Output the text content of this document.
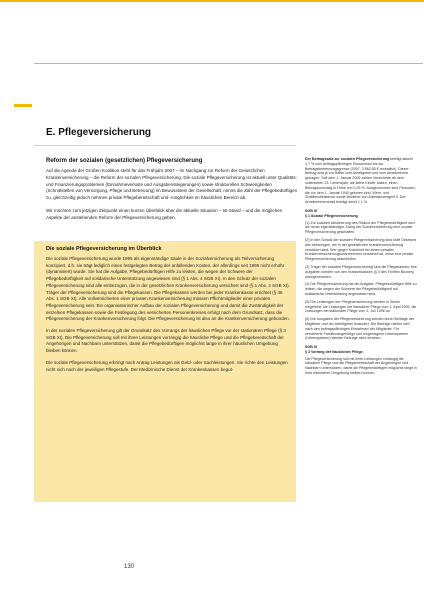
E. Pflegeversicherung
Reform der sozialen (gesetzlichen) Pflegeversicherung

Auf die Agenda der Großen Koalition steht für das Frühjahr 2007 – im Nachgang zur Reform der Gesetzlichen Krankenversicherung – die Reform der sozialen Pflegeversicherung. Die soziale Pflegeversicherung ist aktuell unter Qualitäts- und Finanzierungsproblemen (Einnahmeverluste und Ausgabensteigerungen) sowie strukturellen Schwierigkeiten (Schnittstellen von Versorgung, Pflege und Betreuung) im Bewusstsein der Gesellschaft, nimmt die Zahl der Pflegebedürftigen zu, gleichzeitig jedoch nehmen private Pflegebereitschaft und -möglichkeit im häuslichen Bereich ab.

Wir möchten zum jetzigen Zeitpunkt einen kurzen Überblick über die aktuelle Situation – Ist-Stand – und die möglichen Aspekte der anstehenden Reform der Pflegeversicherung geben.

Die soziale Pflegeversicherung im Überblick

Die soziale Pflegeversicherung wurde 1995 als eigenständige Säule in der Sozialversicherung als Teilversicherung konzipiert, d.h. sie trägt lediglich einen festgelegten Betrag der anfallenden Kosten, der allerdings seit 1995 nicht erhöht (dynamisiert) wurde. Sie hat die Aufgabe, Pflegebedürftigen Hilfe zu leisten, die wegen der Schwere der Pflegebedürftigkeit auf solidarische Unterstützung angewiesen sind (§ 1 Abs. 4 SGB XI). In den Schutz der sozialen Pflegeversicherung sind alle einbezogen, die in der gesetzlichen Krankenversicherung versichert sind (§ 1 Abs. 2 SGB XI). Träger der Pflegeversicherung sind die Pflegekassen. Die Pflegekassen werden bei jeder Krankenkasse errichtet (§ 46 Abs. 1 SGB XI). Alle Vollversicherten einer privaten Krankenversicherung müssen Pflichtmitglieder einer privaten Pflegeversicherung sein. Ein organisatorischer Aufbau der sozialen Pflegeversicherung und damit die Zuständigkeit der einzelnen Pflegekassen sowie die Festlegung des versicherten Personenkreises erfolgt nach dem Grundsatz, dass die Pflegeversicherung der Krankenversicherung folgt. Die Pflegeversicherung ist also an die Krankenversicherung gebunden.

In der sozialen Pflegeversicherung gilt der Grundsatz des Vorrangs der häuslichen Pflege vor der stationären Pflege (§ 3 SGB XI). Die Pflegeversicherung soll mit ihren Leistungen vorrangig die häusliche Pflege und die Pflegebereitschaft der Angehörigen und Nachbarn unterstützen, damit die Pflegebedürftigen möglichst lange in ihrer häuslichen Umgebung bleiben können.

Die soziale Pflegeversicherung erbringt nach Antrag Leistungen als Geld- oder Sachleistungen. Sie richte den Leistungen nicht sich nach der jeweiligen Pflegestufe. Der Medizinische Dienst der Krankenkassen begut-

Der Beitragssatz zur sozialen Pflegeversicherung beträgt aktuell 1,7 % vom beitragspflichtigen Einkommen bis zur Beitragsbemessungsgrenze (2007: 3.562,50 € monatlich). Dieser Beitrag wird je zur Hälfte vom Arbeitgeber und vom Arbeitnehmer getragen. Seit dem 1. Januar 2005 zahlen Versicherte ab dem vollendeten 23. Lebensjahr, die keine Kinder haben, einen Beitragszuschlag in Höhe von 0,25 %. Ausgenommen sind Personen, die vor dem 1. Januar 1940 geboren sind, Wehr- und Zivildienstleistende sowie Bezieher von Arbeitslosengeld II. Der Arbeitnehmeranteil beträgt somit 1,1 %.

SGB XI
§ 1 Soziale Pflegeversicherung

(1) Zur sozialen Absicherung des Risikos der Pflegebedürftigkeit wird als neuer eigenständiger Zweig der Sozialversicherung eine soziale Pflegeversicherung geschaffen.

(2) In den Schutz der sozialen Pflegeversicherung sind kraft Gesetzes alle einbezogen, die in der gesetzlichen Krankenversicherung versichert sind. Wer gegen Krankheit bei einem privaten Krankenversicherungsunternehmen versichert ist, muss eine private Pflegeversicherung abschließen.

(3) Träger der sozialen Pflegeversicherung sind die Pflegekassen; ihre Aufgaben werden von den Krankenkassen (§ 4 des Fünften Buches) wahrgenommen.

(4) Die Pflegeversicherung hat die Aufgabe, Pflegebedürftigen Hilfe zu leisten, die wegen der Schwere der Pflegebedürftigkeit auf solidarische Unterstützung angewiesen sind.

(5) Die Leistungen der Pflegeversicherung werden in Stufen eingeführt: die Leistungen bei häuslicher Pflege vom 1. April 1995, die Leistungen bei stationärer Pflege vom 1. Juli 1996 an.

(6) Die Ausgaben der Pflegeversicherung werden durch Beiträge der Mitglieder und der Arbeitgeber finanziert. Die Beiträge richten sich nach den beitragspflichtigen Einnahmen der Mitglieder. Für versicherte Familienangehörige und eingetragene Lebenspartner (Lebenspartner) werden Beiträge nicht erhoben.

SGB XI
§ 3 Vorrang der häuslichen Pflege

Die Pflegeversicherung soll mit ihren Leistungen vorrangig die häusliche Pflege und die Pflegebereitschaft der Angehörigen und Nachbarn unterstützen, damit die Pflegebedürftigen möglichst lange in ihrer häuslichen Umgebung bleiben können.

130
